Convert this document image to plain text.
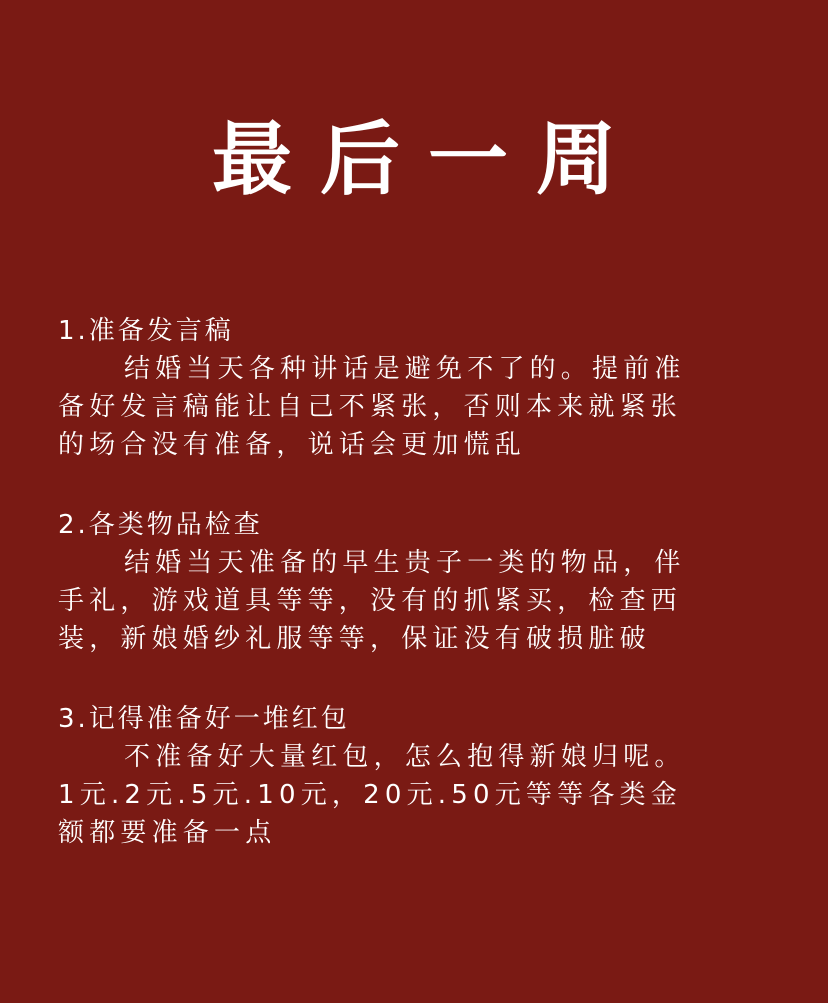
最后一周
1.准备发言稿
结婚当天各种讲话是避免不了的。提前准
备好发言稿能让自己不紧张，否则本来就紧张
的场合没有准备，说话会更加慌乱
2.各类物品检查
结婚当天准备的早生贵子一类的物品，伴
手礼，游戏道具等等，没有的抓紧买，检查西
装，新娘婚纱礼服等等，保证没有破损脏破
3.记得准备好一堆红包
不准备好大量红包，怎么抱得新娘归呢。
1元.2元.5元.10元，20元.50元等等各类金
额都要准备一点
